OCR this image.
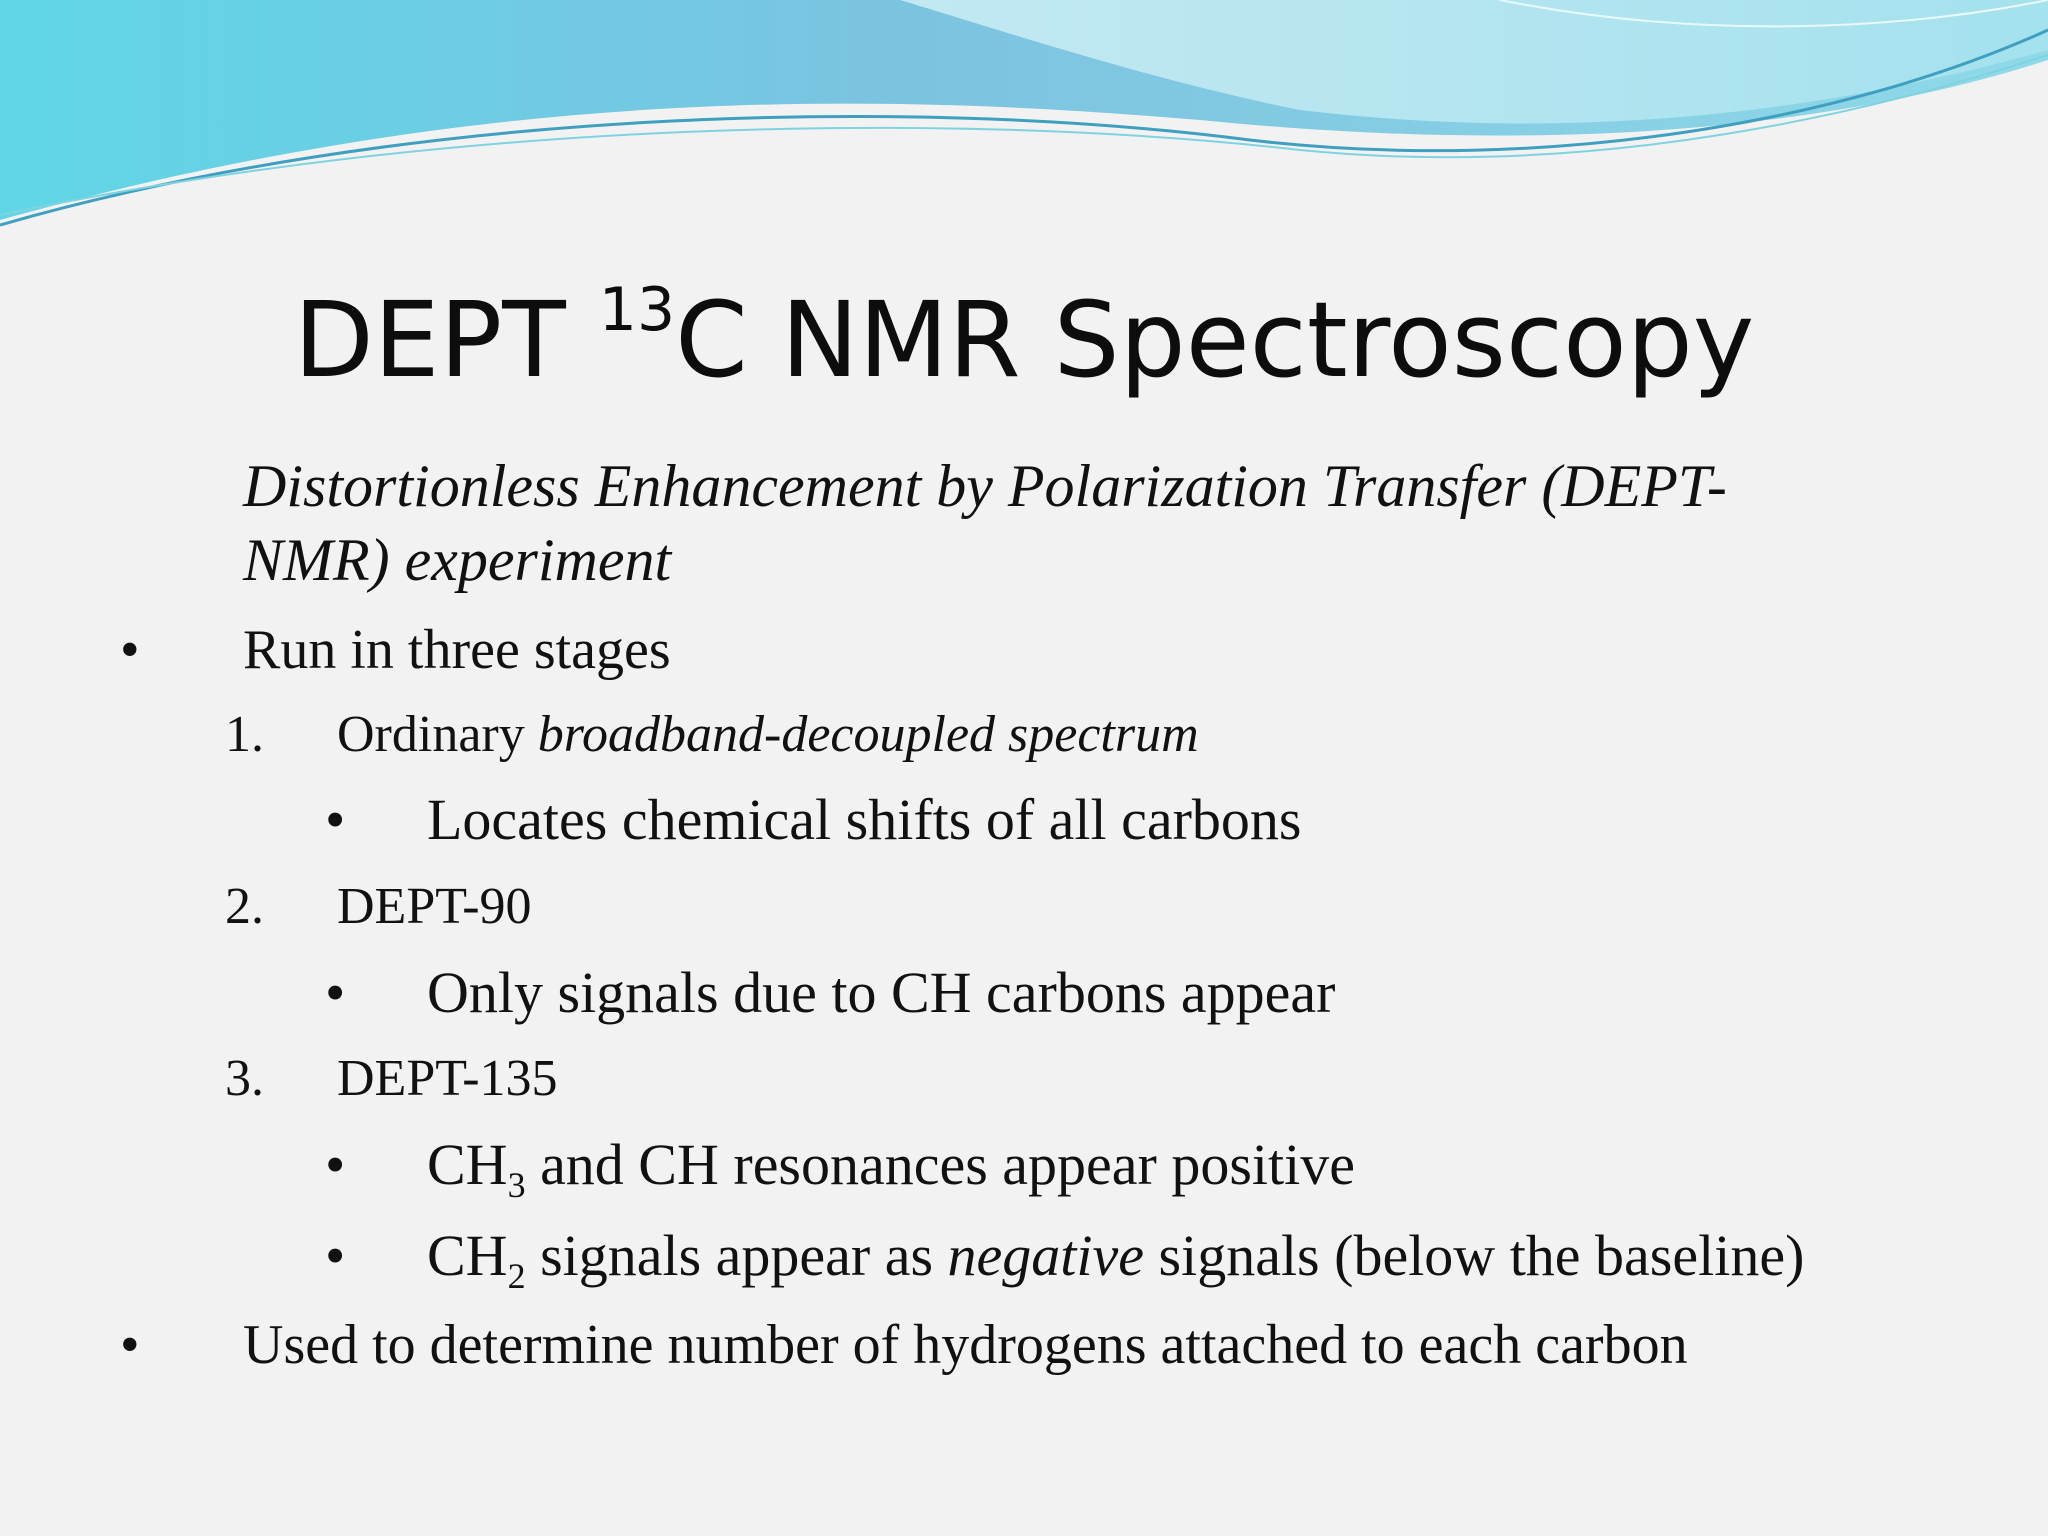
DEPT $^{13}$C NMR Spectroscopy
Distortionless Enhancement by Polarization Transfer (DEPT-
NMR) experiment
• Run in three stages
1. Ordinary broadband-decoupled spectrum
• Locates chemical shifts of all carbons
2. DEPT-90
• Only signals due to CH carbons appear
3. DEPT-135
• $CH_3$ and CH resonances appear positive
• $CH_2$ signals appear as negative signals (below the baseline)
• Used to determine number of hydrogens attached to each carbon
